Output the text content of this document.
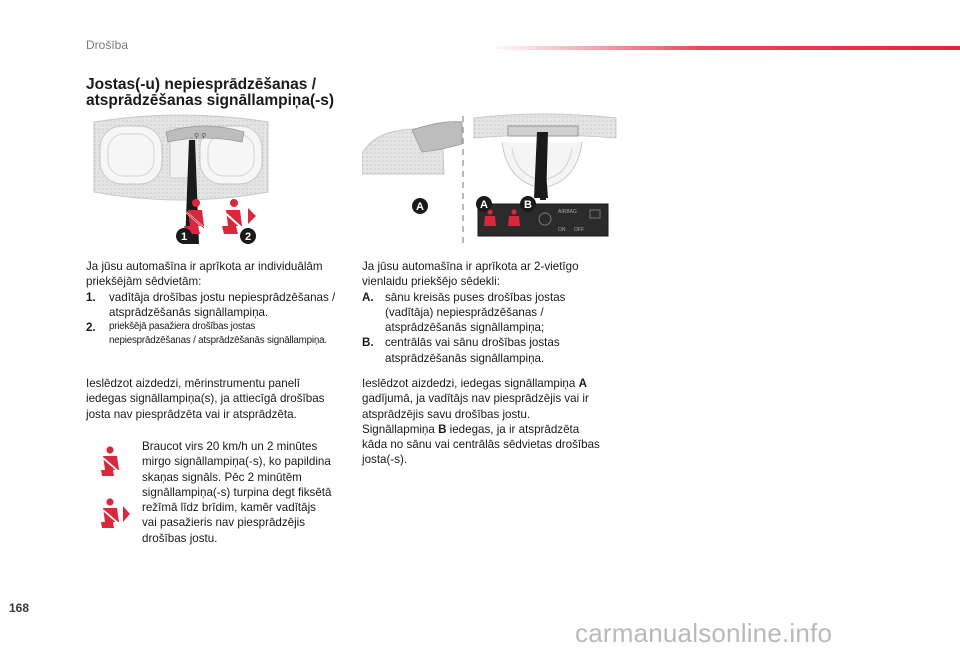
Drošība
Jostas(-u) nepiesprādzēšanas /
atsprādzēšanas signāllampiņa(-s)
⚲ ⚲
1	2
AIRBAG
ON OFF
A	A	B
Ja jūsu automašīna ir aprīkota ar individuālām
priekšējām sēdvietām:
1.	vadītāja drošības jostu nepiesprādzēšanas /
atsprādzēšanās signāllampiņa.
2.	priekšējā pasažiera drošības jostas
nepiesprādzēšanas / atsprādzēšanās signāllampiņa.
Ieslēdzot aizdedzi, mērinstrumentu panelī
iedegas signāllampiņa(s), ja attiecīgā drošības
josta nav piesprādzēta vai ir atsprādzēta.
Braucot virs 20 km/h un 2 minūtes
mirgo signāllampiņa(-s), ko papildina
skaņas signāls. Pēc 2 minūtēm
signāllampiņa(-s) turpina degt fiksētā
režīmā līdz brīdim, kamēr vadītājs
vai pasažieris nav piesprādzējis
drošības jostu.
Ja jūsu automašīna ir aprīkota ar 2-vietīgo
vienlaidu priekšējo sēdekli:
A. sānu kreisās puses drošības jostas
(vadītāja) nepiesprādzēšanas /
atsprādzēšanās signāllampiņa;
B. centrālās vai sānu drošības jostas
atsprādzēšanās signāllampiņa.
Ieslēdzot aizdedzi, iedegas signāllampiņa A
gadījumā, ja vadītājs nav piesprādzējis vai ir
atsprādzējis savu drošības jostu.
Signāllapmiņa B iedegas, ja ir atsprādzēta
kāda no sānu vai centrālās sēdvietas drošības
josta(-s).
168
carmanualsonline.info
